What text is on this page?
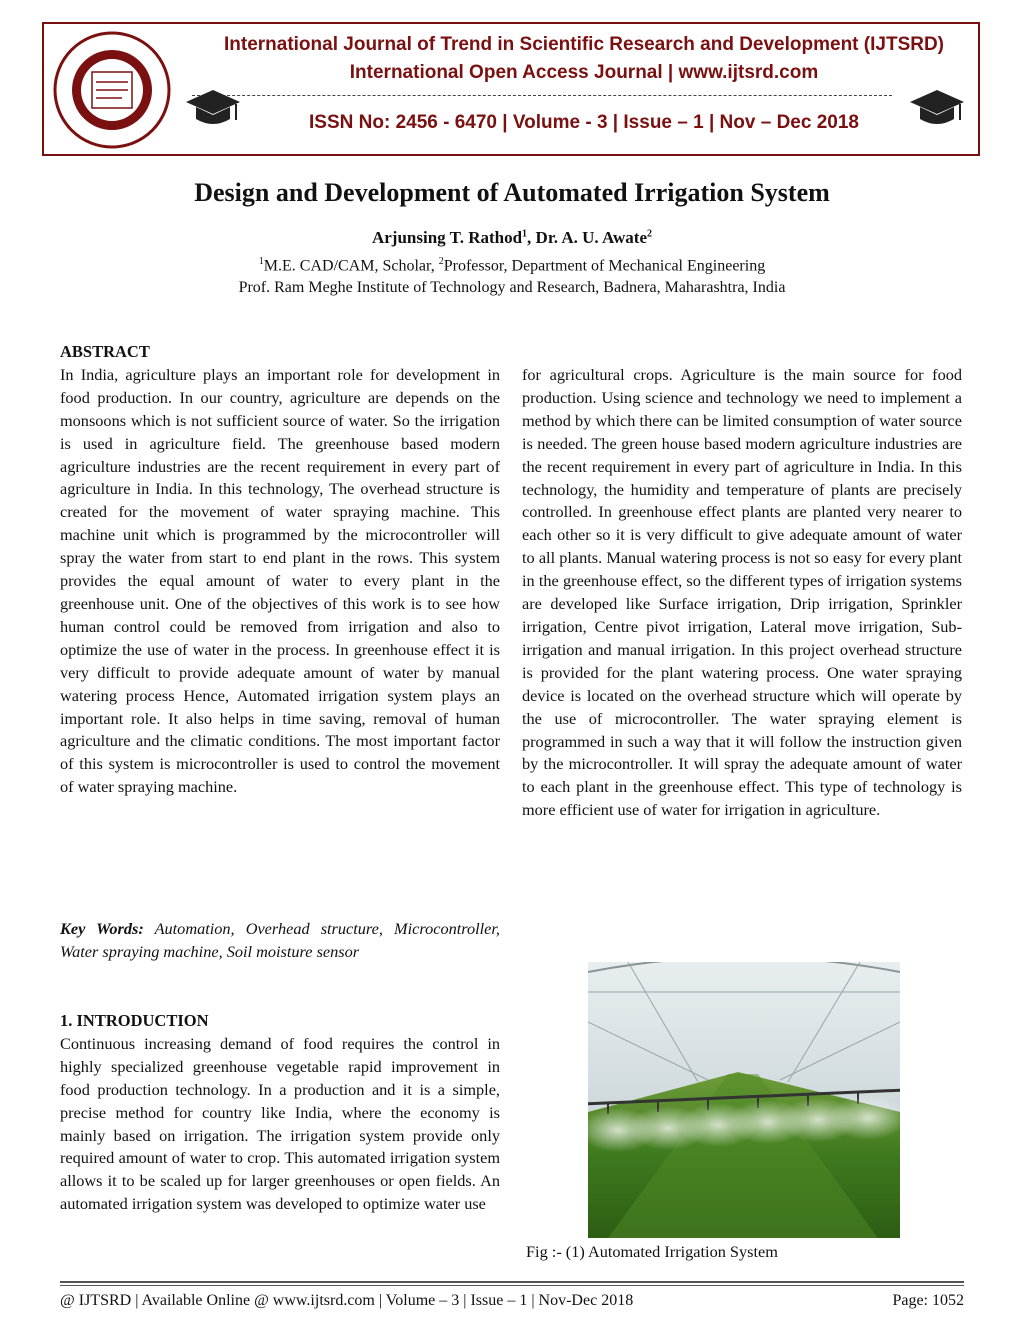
International Journal of Trend in Scientific Research and Development (IJTSRD)
International Open Access Journal | www.ijtsrd.com
ISSN No: 2456 - 6470 | Volume - 3 | Issue – 1 | Nov – Dec 2018
Design and Development of Automated Irrigation System
Arjunsing T. Rathod$^1$, Dr. A. U. Awate$^2$
$^1$M.E. CAD/CAM, Scholar, $^2$Professor, Department of Mechanical Engineering
Prof. Ram Meghe Institute of Technology and Research, Badnera, Maharashtra, India
ABSTRACT
In India, agriculture plays an important role for development in food production. In our country, agriculture are depends on the monsoons which is not sufficient source of water. So the irrigation is used in agriculture field. The greenhouse based modern agriculture industries are the recent requirement in every part of agriculture in India. In this technology, The overhead structure is created for the movement of water spraying machine. This machine unit which is programmed by the microcontroller will spray the water from start to end plant in the rows. This system provides the equal amount of water to every plant in the greenhouse unit. One of the objectives of this work is to see how human control could be removed from irrigation and also to optimize the use of water in the process. In greenhouse effect it is very difficult to provide adequate amount of water by manual watering process Hence, Automated irrigation system plays an important role. It also helps in time saving, removal of human agriculture and the climatic conditions. The most important factor of this system is microcontroller is used to control the movement of water spraying machine.
Key Words: Automation, Overhead structure, Microcontroller, Water spraying machine, Soil moisture sensor
1. INTRODUCTION
Continuous increasing demand of food requires the control in highly specialized greenhouse vegetable rapid improvement in food production technology. In a production and it is a simple, precise method for country like India, where the economy is mainly based on irrigation. The irrigation system provide only required amount of water to crop. This automated irrigation system allows it to be scaled up for larger greenhouses or open fields. An automated irrigation system was developed to optimize water use
for agricultural crops. Agriculture is the main source for food production. Using science and technology we need to implement a method by which there can be limited consumption of water source is needed. The green house based modern agriculture industries are the recent requirement in every part of agriculture in India. In this technology, the humidity and temperature of plants are precisely controlled. In greenhouse effect plants are planted very nearer to each other so it is very difficult to give adequate amount of water to all plants. Manual watering process is not so easy for every plant in the greenhouse effect, so the different types of irrigation systems are developed like Surface irrigation, Drip irrigation, Sprinkler irrigation, Centre pivot irrigation, Lateral move irrigation, Sub-irrigation and manual irrigation. In this project overhead structure is provided for the plant watering process. One water spraying device is located on the overhead structure which will operate by the use of microcontroller. The water spraying element is programmed in such a way that it will follow the instruction given by the microcontroller. It will spray the adequate amount of water to each plant in the greenhouse effect. This type of technology is more efficient use of water for irrigation in agriculture.
Fig :- (1) Automated Irrigation System
@ IJTSRD | Available Online @ www.ijtsrd.com | Volume – 3 | Issue – 1 | Nov-Dec 2018	Page: 1052
